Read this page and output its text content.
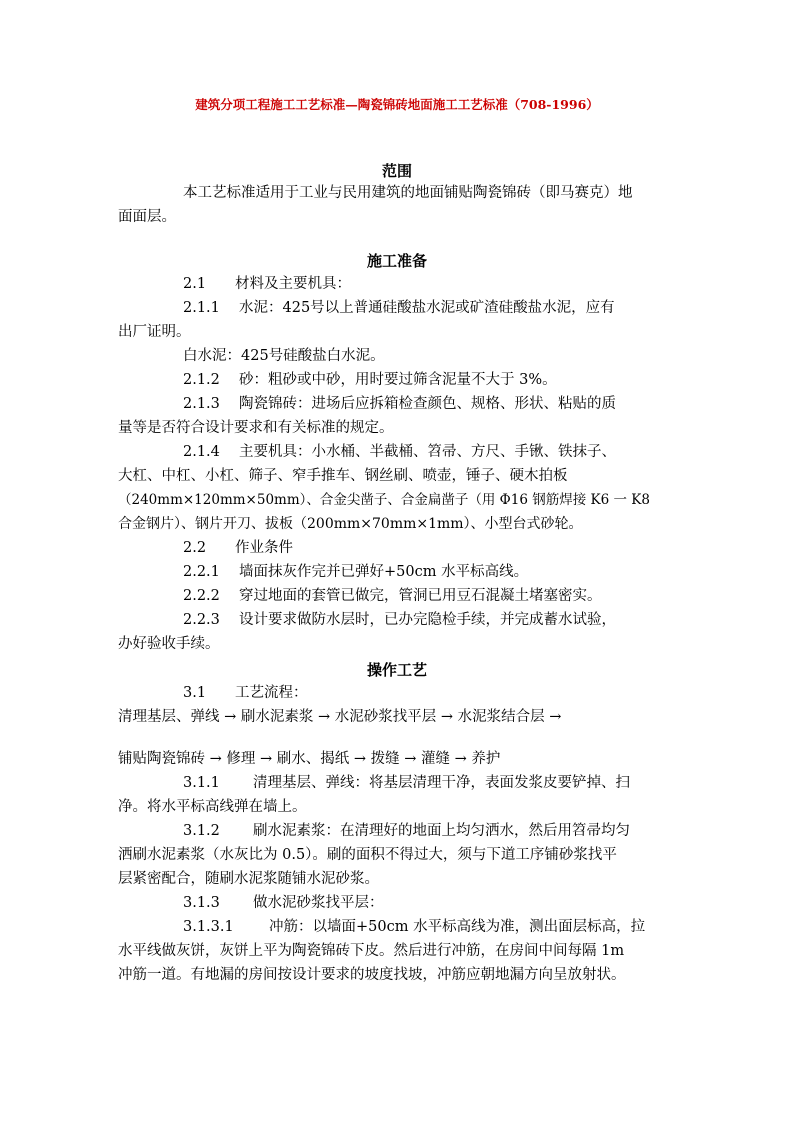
建筑分项工程施工工艺标准—陶瓷锦砖地面施工工艺标准（708-1996）
范围
本工艺标准适用于工业与民用建筑的地面铺贴陶瓷锦砖（即马赛克）地
面面层。
施工准备
2.1 材料及主要机具：
2.1.1 水泥：425号以上普通硅酸盐水泥或矿渣硅酸盐水泥，应有
出厂证明。
白水泥：425号硅酸盐白水泥。
2.1.2 砂：粗砂或中砂，用时要过筛含泥量不大于 3%。
2.1.3 陶瓷锦砖：进场后应拆箱检查颜色、规格、形状、粘贴的质
量等是否符合设计要求和有关标准的规定。
2.1.4 主要机具：小水桶、半截桶、笤帚、方尺、手锹、铁抹子、
大杠、中杠、小杠、筛子、窄手推车、钢丝刷、喷壶，锤子、硬木拍板
（240mm×120mm×50mm）、合金尖凿子、合金扁凿子（用 Φ16 钢筋焊接 K6 一 K8
合金钢片）、钢片开刀、拔板（200mm×70mm×1mm）、小型台式砂轮。
2.2 作业条件
2.2.1 墙面抹灰作完并已弹好+50cm 水平标高线。
2.2.2 穿过地面的套管已做完，管洞已用豆石混凝土堵塞密实。
2.2.3 设计要求做防水层时，已办完隐检手续，并完成蓄水试验，
办好验收手续。
操作工艺
3.1 工艺流程：
清理基层、弹线 → 刷水泥素浆 → 水泥砂浆找平层 → 水泥浆结合层 →
铺贴陶瓷锦砖 → 修理 → 刷水、揭纸 → 拨缝 → 灌缝 → 养护
3.1.1 清理基层、弹线：将基层清理干净，表面发浆皮要铲掉、扫
净。将水平标高线弹在墙上。
3.1.2 刷水泥素浆：在清理好的地面上均匀洒水，然后用笤帚均匀
洒刷水泥素浆（水灰比为 0.5）。刷的面积不得过大，须与下道工序铺砂浆找平
层紧密配合，随刷水泥浆随铺水泥砂浆。
3.1.3 做水泥砂浆找平层：
3.1.3.1 冲筋：以墙面+50cm 水平标高线为准，测出面层标高，拉
水平线做灰饼，灰饼上平为陶瓷锦砖下皮。然后进行冲筋，在房间中间每隔 1m
冲筋一道。有地漏的房间按设计要求的坡度找坡，冲筋应朝地漏方向呈放射状。
